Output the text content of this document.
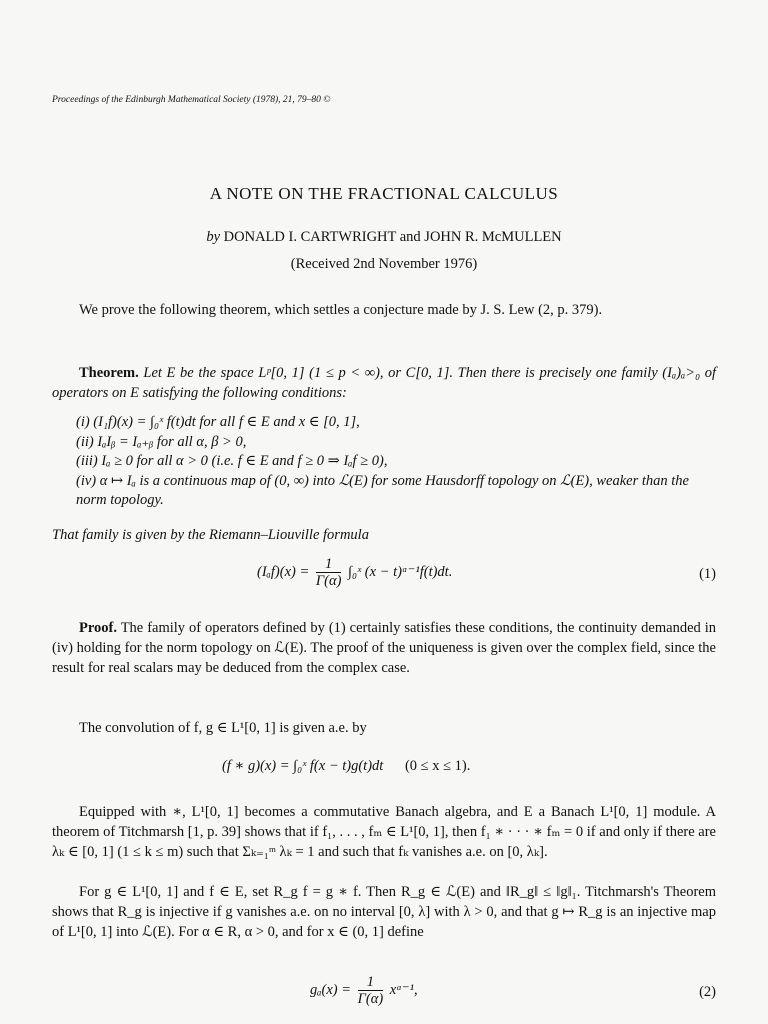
Proceedings of the Edinburgh Mathematical Society (1978), 21, 79–80 ©
A NOTE ON THE FRACTIONAL CALCULUS
by DONALD I. CARTWRIGHT and JOHN R. McMULLEN
(Received 2nd November 1976)
We prove the following theorem, which settles a conjecture made by J. S. Lew (2, p. 379).
Theorem. Let E be the space Lᵖ[0, 1] (1 ≤ p < ∞), or C[0, 1]. Then there is precisely one family (Iₐ)ₐ>₀ of operators on E satisfying the following conditions:
(i) (I₁f)(x) = ∫₀ˣ f(t)dt for all f ∈ E and x ∈ [0, 1],
(ii) IₐIᵦ = Iₐ₊ᵦ for all α, β > 0,
(iii) Iₐ ≥ 0 for all α > 0 (i.e. f ∈ E and f ≥ 0 ⇒ Iₐf ≥ 0),
(iv) α ↦ Iₐ is a continuous map of (0, ∞) into ℒ(E) for some Hausdorff topology on ℒ(E), weaker than the norm topology.
That family is given by the Riemann–Liouville formula
$(I_af)(x) = \frac{1}{\Gamma(\alpha)}$ ∫₀ˣ (x − t)ᵅ⁻¹f(t)dt.	(1)
Proof. The family of operators defined by (1) certainly satisfies these conditions, the continuity demanded in (iv) holding for the norm topology on ℒ(E). The proof of the uniqueness is given over the complex field, since the result for real scalars may be deduced from the complex case.
The convolution of f, g ∈ L¹[0, 1] is given a.e. by
(f ∗ g)(x) = ∫₀ˣ f(x − t)g(t)dt (0 ≤ x ≤ 1).
Equipped with ∗, L¹[0, 1] becomes a commutative Banach algebra, and E a Banach L¹[0, 1] module. A theorem of Titchmarsh [1, p. 39] shows that if f₁, . . . , fₘ ∈ L¹[0, 1], then f₁ ∗ · · · ∗ fₘ = 0 if and only if there are λₖ ∈ [0, 1] (1 ≤ k ≤ m) such that Σₖ₌₁ᵐ λₖ = 1 and such that fₖ vanishes a.e. on [0, λₖ].
For g ∈ L¹[0, 1] and f ∈ E, set R_g f = g ∗ f. Then R_g ∈ ℒ(E) and ‖R_g‖ ≤ ‖g‖₁. Titchmarsh's Theorem shows that R_g is injective if g vanishes a.e. on no interval [0, λ] with λ > 0, and that g ↦ R_g is an injective map of L¹[0, 1] into ℒ(E). For α ∈ R, α > 0, and for x ∈ (0, 1] define
$g_a(x) = \frac{1}{\Gamma(\alpha)}$ xᵅ⁻¹,	(2)
